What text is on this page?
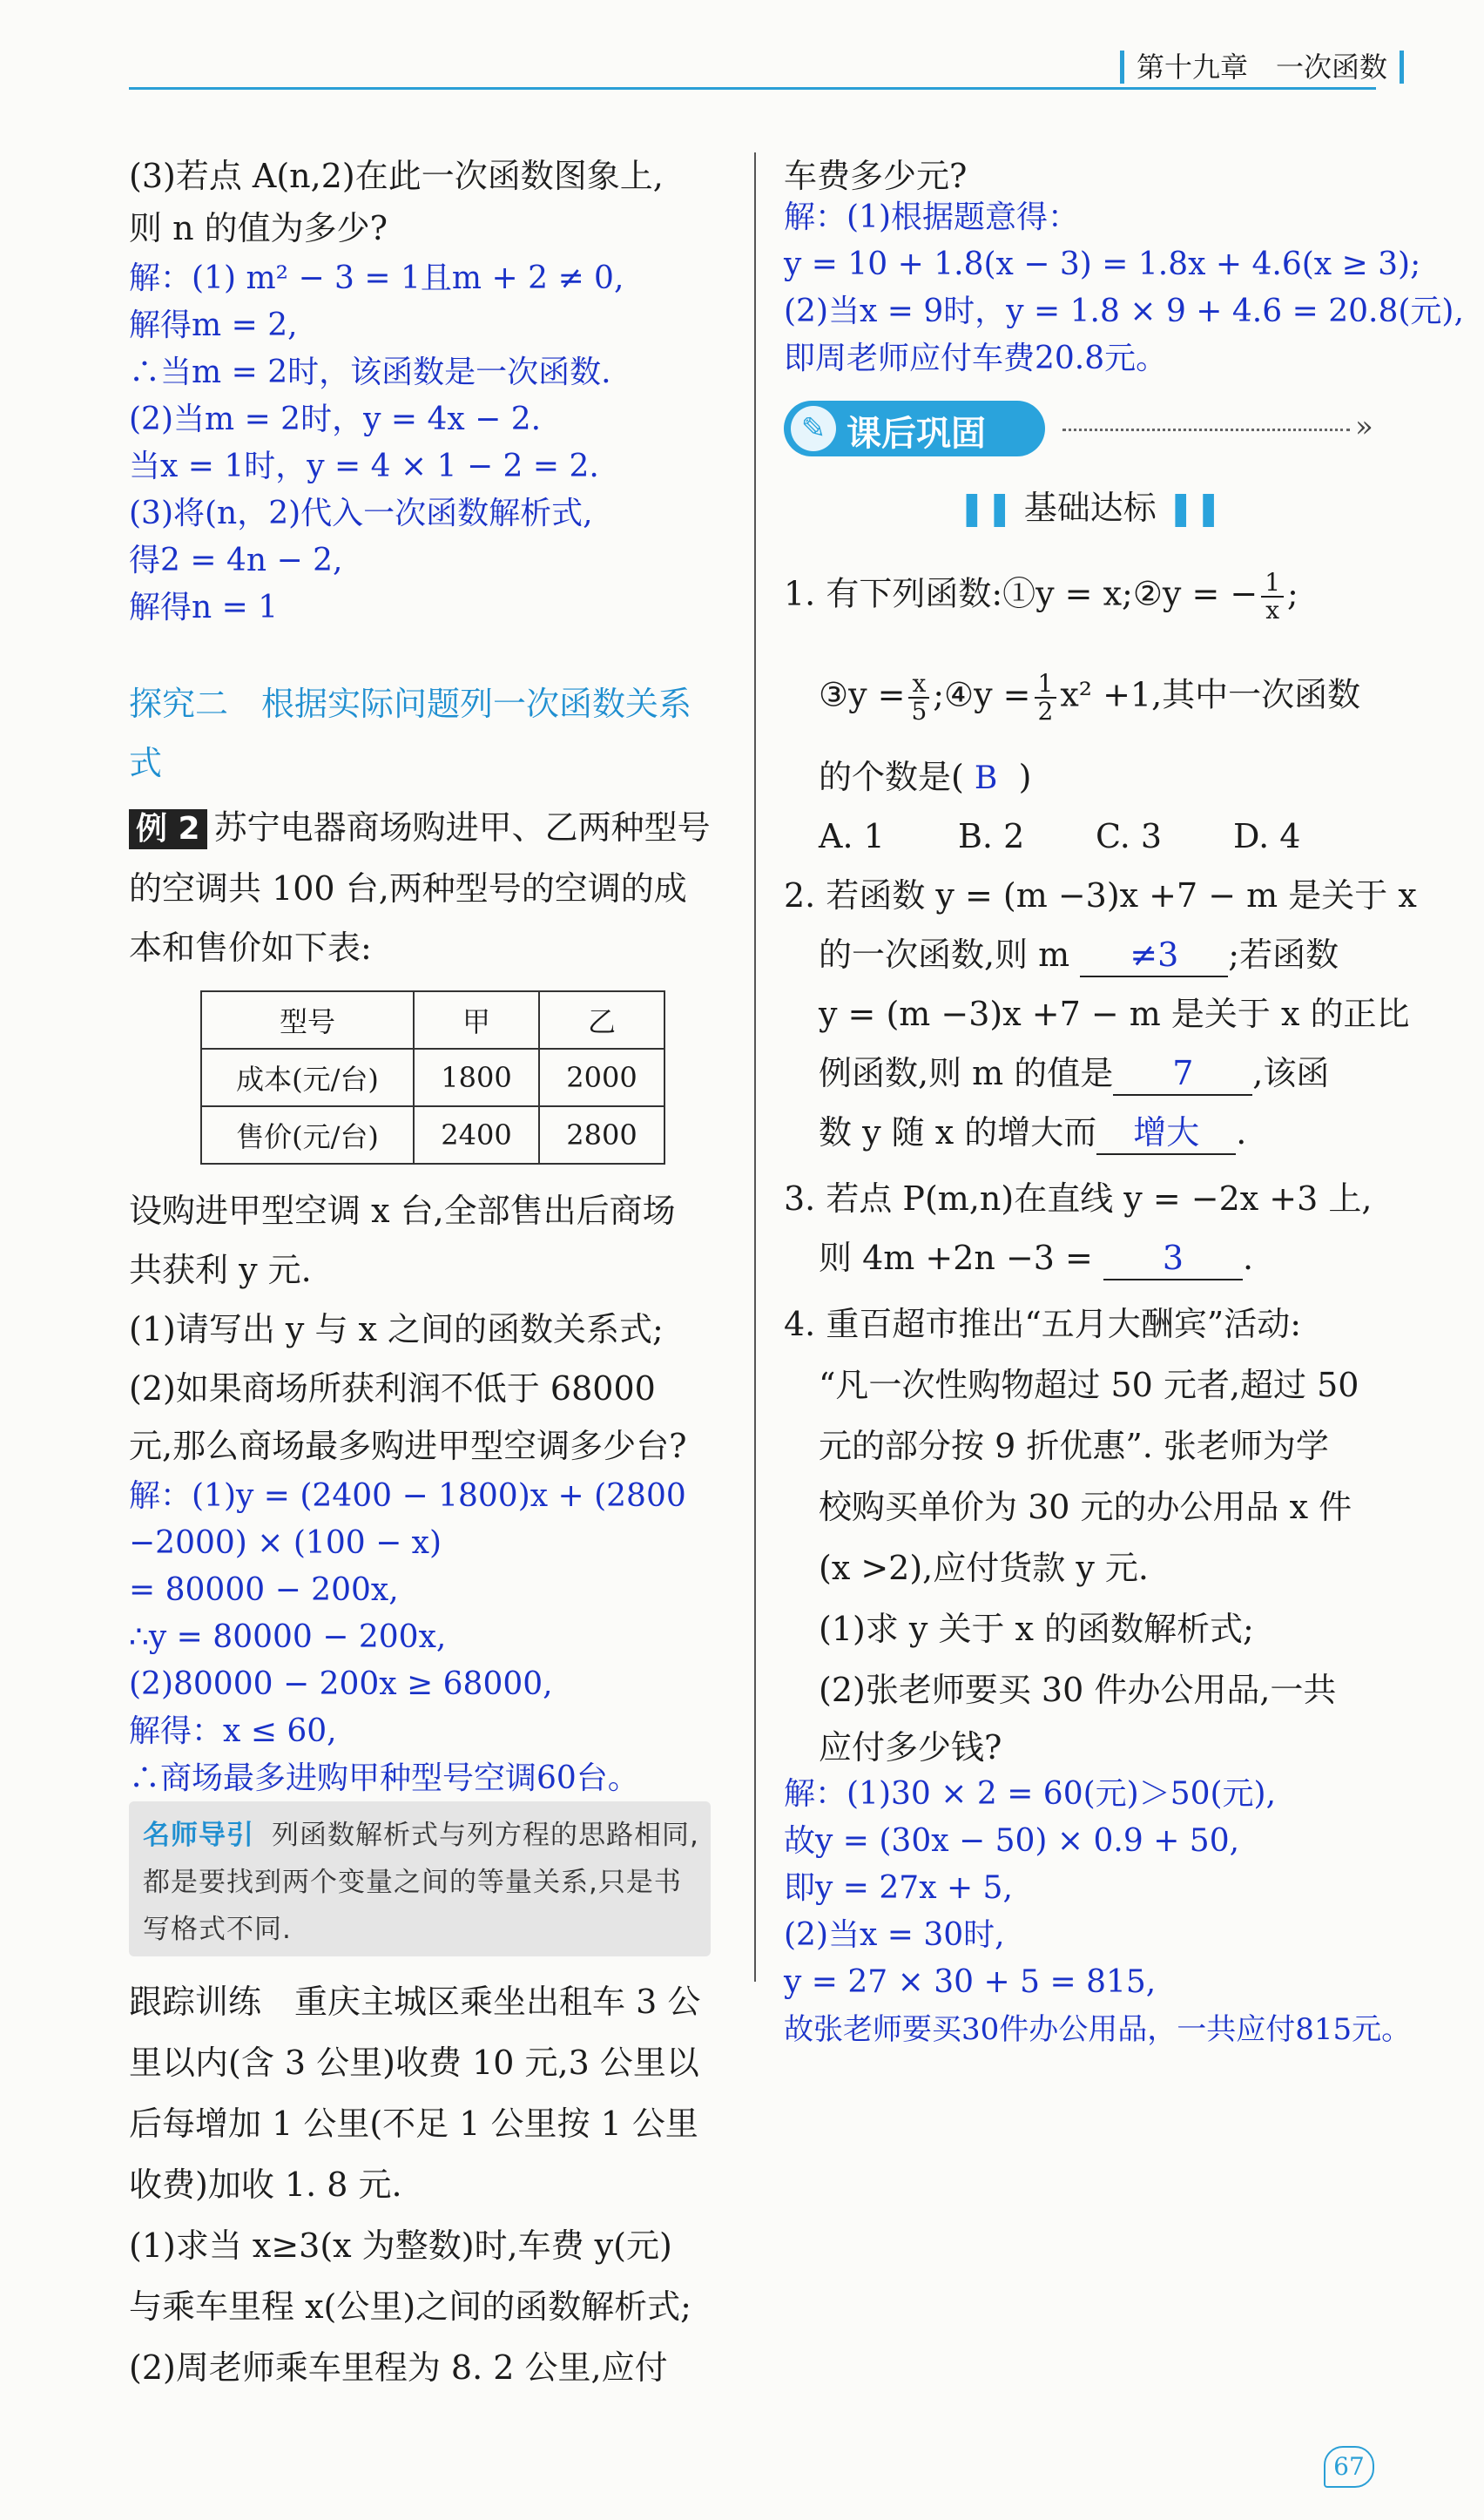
第十九章　一次函数
(3)若点 A(n,2)在此一次函数图象上,
则 n 的值为多少?
解：(1) m² − 3 = 1且m + 2 ≠ 0,
解得m = 2,
∴当m = 2时，该函数是一次函数.
(2)当m = 2时，y = 4x − 2.
当x = 1时，y = 4 × 1 − 2 = 2.
(3)将(n，2)代入一次函数解析式,
得2 = 4n − 2,
解得n = 1
探究二　根据实际问题列一次函数关系
式
例 2 苏宁电器商场购进甲、乙两种型号
的空调共 100 台,两种型号的空调的成
本和售价如下表:
型号	甲	乙
成本(元/台)	1800	2000
售价(元/台)	2400	2800
设购进甲型空调 x 台,全部售出后商场
共获利 y 元.
(1)请写出 y 与 x 之间的函数关系式;
(2)如果商场所获利润不低于 68000
元,那么商场最多购进甲型空调多少台?
解：(1)y = (2400 − 1800)x + (2800
−2000) × (100 − x)
= 80000 − 200x,
∴y = 80000 − 200x,
(2)80000 − 200x ≥ 68000,
解得：x ≤ 60,
∴商场最多进购甲种型号空调60台。
名师导引 列函数解析式与列方程的思路相同,都是要找到两个变量之间的等量关系,只是书写格式不同.
跟踪训练　重庆主城区乘坐出租车 3 公
里以内(含 3 公里)收费 10 元,3 公里以
后每增加 1 公里(不足 1 公里按 1 公里
收费)加收 1. 8 元.
(1)求当 x≥3(x 为整数)时,车费 y(元)
与乘车里程 x(公里)之间的函数解析式;
(2)周老师乘车里程为 8. 2 公里,应付
车费多少元?
解：(1)根据题意得：
y = 10 + 1.8(x − 3) = 1.8x + 4.6(x ≥ 3);
(2)当x = 9时，y = 1.8 × 9 + 4.6 = 20.8(元),
即周老师应付车费20.8元。
✎ 课后巩固	»
❚❚ 基础达标 ❚❚
1. 有下列函数:①y = x;②y = − $\frac{1}{x}$ ;
③y = $\frac{x}{5}$ ;④y = $\frac{1}{2} x^2 +1$,其中一次函数
的个数是( B )
A. 1 B. 2 C. 3 D. 4
2. 若函数 y = (m −3)x +7 − m 是关于 x
的一次函数,则 m ≠3 ;若函数
y = (m −3)x +7 − m 是关于 x 的正比
例函数,则 m 的值是 7 ,该函
数 y 随 x 的增大而 增大 .
3. 若点 P(m,n)在直线 y = −2x +3 上,
则 4m +2n −3 = 3 .
4. 重百超市推出“五月大酬宾”活动:
“凡一次性购物超过 50 元者,超过 50
元的部分按 9 折优惠”. 张老师为学
校购买单价为 30 元的办公用品 x 件
(x >2),应付货款 y 元.
(1)求 y 关于 x 的函数解析式;
(2)张老师要买 30 件办公用品,一共
应付多少钱?
解：(1)30 × 2 = 60(元)＞50(元),
故y = (30x − 50) × 0.9 + 50,
即y = 27x + 5,
(2)当x = 30时,
y = 27 × 30 + 5 = 815,
故张老师要买30件办公用品，一共应付815元。
67
